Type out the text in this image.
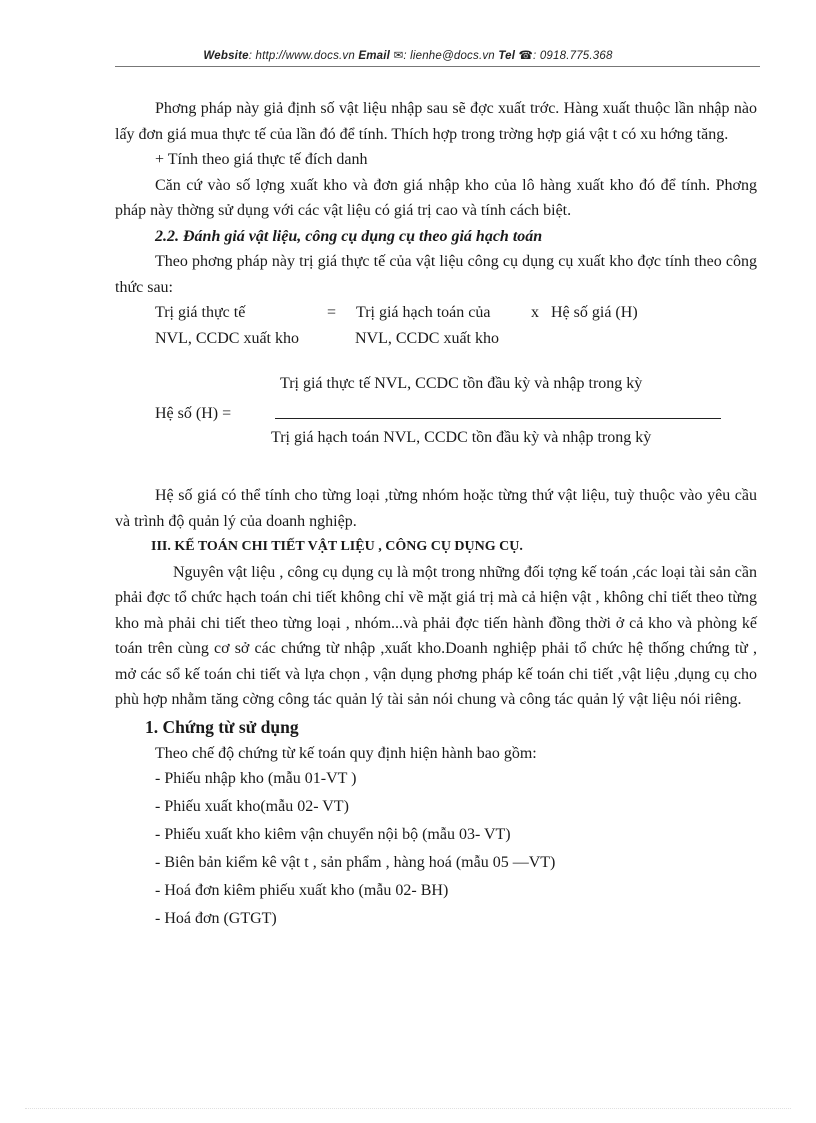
Website: http://www.docs.vn Email ✉: lienhe@docs.vn Tel ☎: 0918.775.368

Phơng pháp này giả định số vật liệu nhập sau sẽ đợc xuất trớc. Hàng xuất thuộc lần nhập nào lấy đơn giá mua thực tế của lần đó để tính. Thích hợp trong trờng hợp giá vật t có xu hớng tăng.

+ Tính theo giá thực tế đích danh

Căn cứ vào số lợng xuất kho và đơn giá nhập kho của lô hàng xuất kho đó để tính. Phơng pháp này thờng sử dụng với các vật liệu có giá trị cao và tính cách biệt.

2.2. Đánh giá vật liệu, công cụ dụng cụ theo giá hạch toán

Theo phơng pháp này trị giá thực tế của vật liệu công cụ dụng cụ xuất kho đợc tính theo công thức sau:

Trị giá thực tế	= Trị giá hạch toán của	x Hệ số giá (H)
NVL, CCDC xuất kho	NVL, CCDC xuất kho
Trị giá thực tế NVL, CCDC tồn đầu kỳ và nhập trong kỳ
Hệ số (H) =
Trị giá hạch toán NVL, CCDC tồn đầu kỳ và nhập trong kỳ

Hệ số giá có thể tính cho từng loại ,từng nhóm hoặc từng thứ vật liệu, tuỳ thuộc vào yêu cầu và trình độ quản lý của doanh nghiệp.

III. KẾ TOÁN CHI TIẾT VẬT LIỆU , CÔNG CỤ DỤNG CỤ.

Nguyên vật liệu , công cụ dụng cụ là một trong những đối tợng kế toán ,các loại tài sản cần phải đợc tổ chức hạch toán chi tiết không chỉ về mặt giá trị mà cả hiện vật , không chỉ tiết theo từng kho mà phải chi tiết theo từng loại , nhóm...và phải đợc tiến hành đồng thời ở cả kho và phòng kế toán trên cùng cơ sở các chứng từ nhập ,xuất kho.Doanh nghiệp phải tổ chức hệ thống chứng từ , mở các sổ kế toán chi tiết và lựa chọn , vận dụng phơng pháp kế toán chi tiết ,vật liệu ,dụng cụ cho phù hợp nhằm tăng cờng công tác quản lý tài sản nói chung và công tác quản lý vật liệu nói riêng.

1. Chứng từ sử dụng

Theo chế độ chứng từ kế toán quy định hiện hành bao gồm:

- Phiếu nhập kho (mẫu 01-VT )

- Phiếu xuất kho(mẫu 02- VT)

- Phiếu xuất kho kiêm vận chuyển nội bộ (mẫu 03- VT)

- Biên bản kiểm kê vật t , sản phẩm , hàng hoá (mẫu 05 —VT)

- Hoá đơn kiêm phiếu xuất kho (mẫu 02- BH)

- Hoá đơn (GTGT)
